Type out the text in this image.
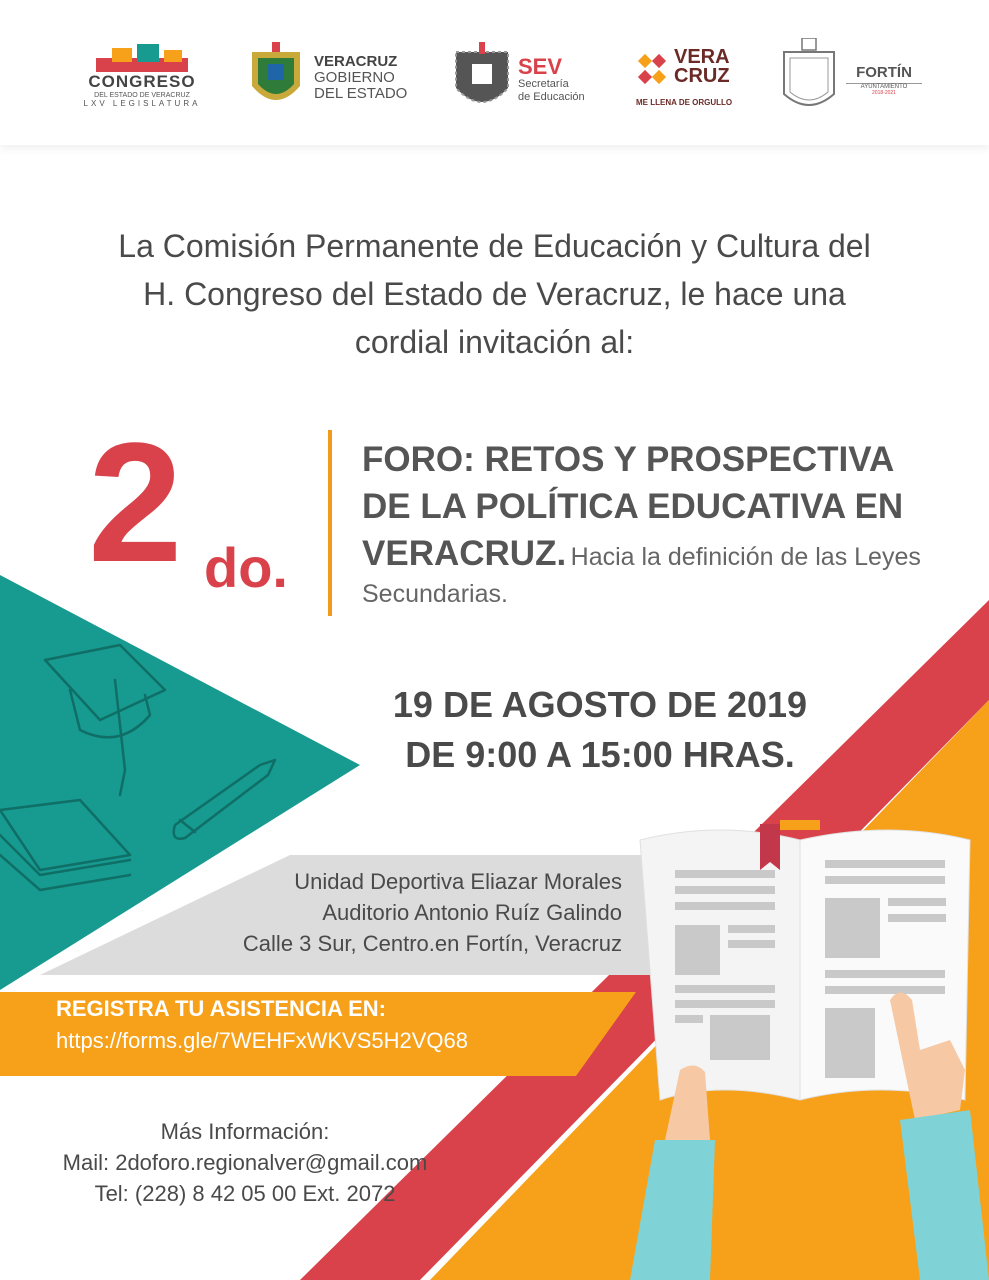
CONGRESO
DEL ESTADO DE VERACRUZ
LXV LEGISLATURA
VERACRUZ
GOBIERNO
DEL ESTADO
SEV
Secretaría
de Educación
VERA
CRUZ
ME LLENA DE ORGULLO
FORTÍN
AYUNTAMIENTO
2018-2021
La Comisión Permanente de Educación y Cultura del
H. Congreso del Estado de Veracruz, le hace una
cordial invitación al:
2 do.
FORO: RETOS Y PROSPECTIVA DE LA POLÍTICA EDUCATIVA EN VERACRUZ. Hacia la definición de las Leyes Secundarias.
19 DE AGOSTO DE 2019
DE 9:00 A 15:00 HRAS.
Unidad Deportiva Eliazar Morales
Auditorio Antonio Ruíz Galindo
Calle 3 Sur, Centro.en Fortín, Veracruz
REGISTRA TU ASISTENCIA EN:
https://forms.gle/7WEHFxWKVS5H2VQ68
Más Información:
Mail: 2doforo.regionalver@gmail.com
Tel: (228) 8 42 05 00 Ext. 2072
